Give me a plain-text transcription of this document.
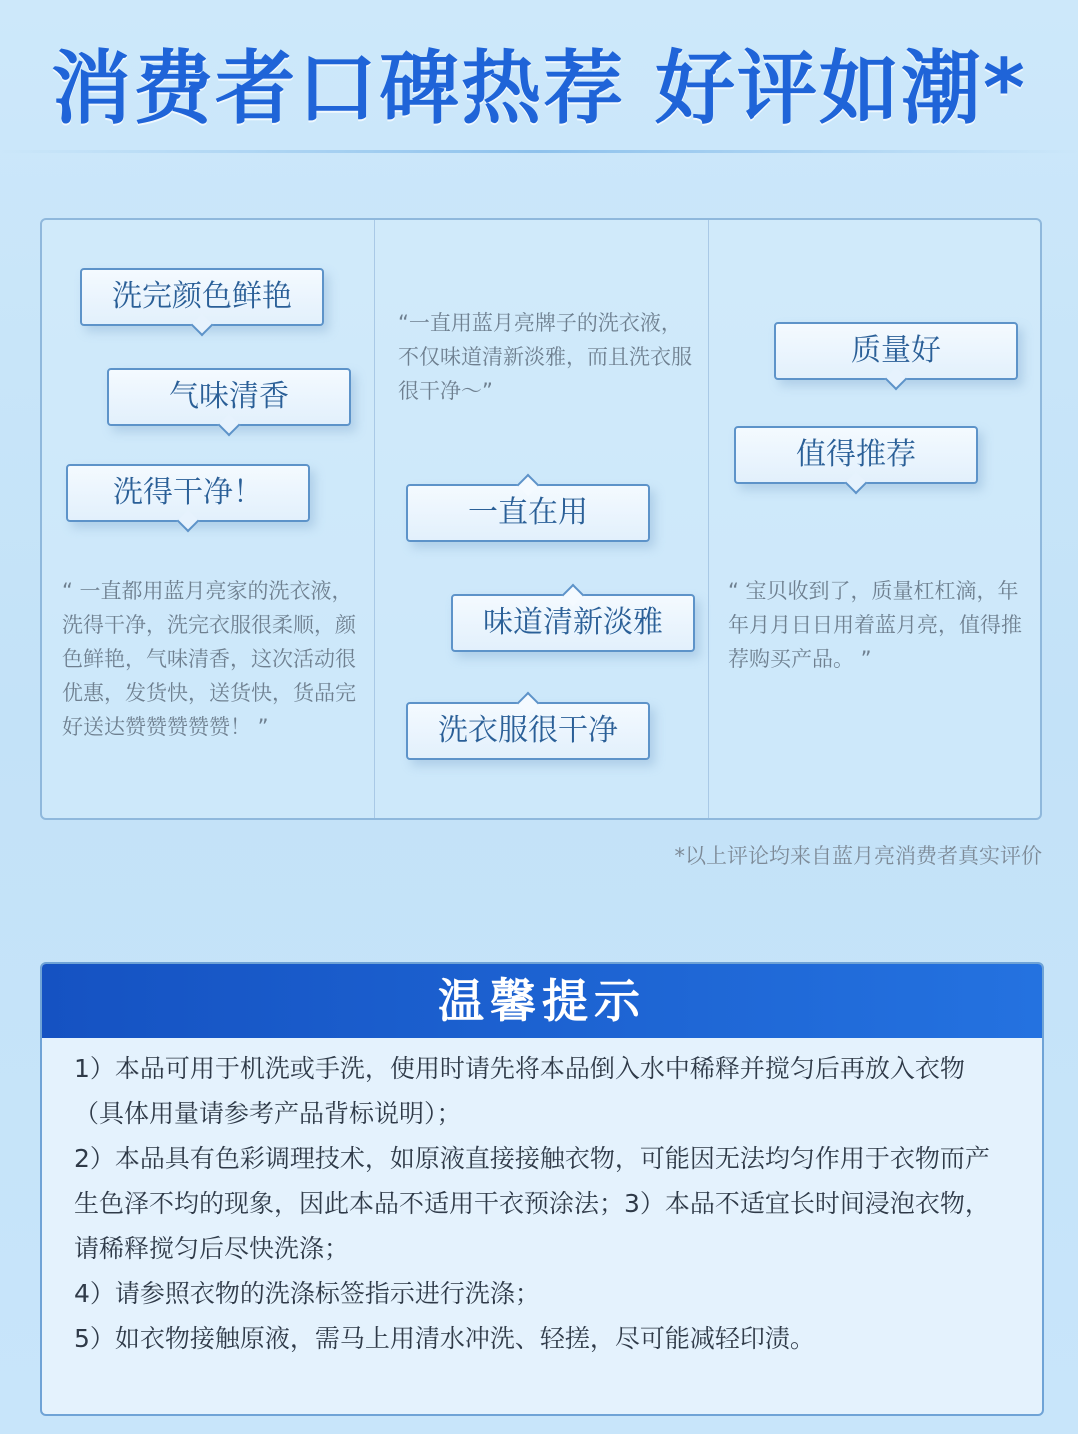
消费者口碑热荐 好评如潮*
洗完颜色鲜艳
气味清香
洗得干净！
“ 一直都用蓝月亮家的洗衣液，洗得干净，洗完衣服很柔顺，颜色鲜艳，气味清香，这次活动很优惠，发货快，送货快，货品完好送达赞赞赞赞赞！ ”
“一直用蓝月亮牌子的洗衣液，不仅味道清新淡雅，而且洗衣服很干净～”
一直在用
味道清新淡雅
洗衣服很干净
质量好
值得推荐
“ 宝贝收到了，质量杠杠滴，年年月月日日用着蓝月亮，值得推荐购买产品。 ”
*以上评论均来自蓝月亮消费者真实评价
温馨提示
1）本品可用于机洗或手洗，使用时请先将本品倒入水中稀释并搅匀后再放入衣物（具体用量请参考产品背标说明）；
2）本品具有色彩调理技术，如原液直接接触衣物，可能因无法均匀作用于衣物而产生色泽不均的现象，因此本品不适用干衣预涂法；3）本品不适宜长时间浸泡衣物，请稀释搅匀后尽快洗涤；
4）请参照衣物的洗涤标签指示进行洗涤；
5）如衣物接触原液，需马上用清水冲洗、轻搓，尽可能减轻印渍。
